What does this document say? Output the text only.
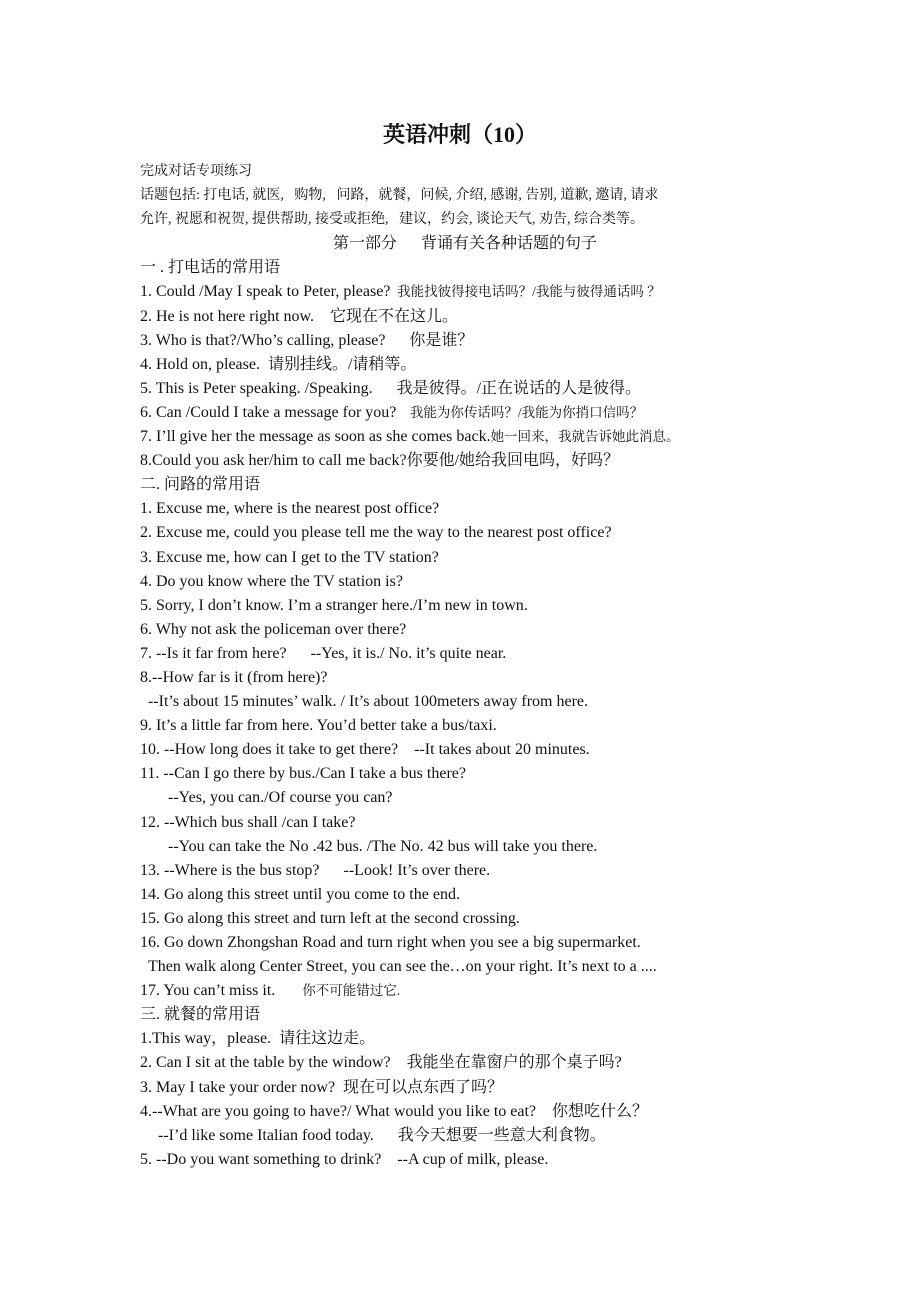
英语冲刺（10）
完成对话专项练习
话题包括: 打电话, 就医,   购物,   问路，就餐，问候, 介绍, 感谢, 告别, 道歉, 邀请, 请求
允许, 祝愿和祝贺, 提供帮助, 接受或拒绝,   建议，约会, 谈论天气, 劝告, 综合类等。
第一部分      背诵有关各种话题的句子
一 . 打电话的常用语
1. Could /May I speak to Peter, please?  我能找彼得接电话吗？/我能与彼得通话吗 ？
2. He is not here right now.    它现在不在这儿。
3. Who is that?/Who’s calling, please?      你是谁？
4. Hold on, please.  请别挂线。/请稍等。
5. This is Peter speaking. /Speaking.      我是彼得。/正在说话的人是彼得。
6. Can /Could I take a message for you?    我能为你传话吗？/我能为你捎口信吗？
7. I’ll give her the message as soon as she comes back.她一回来，我就告诉她此消息。
8.Could you ask her/him to call me back?你要他/她给我回电吗，好吗？
二. 问路的常用语
1. Excuse me, where is the nearest post office?
2. Excuse me, could you please tell me the way to the nearest post office?
3. Excuse me, how can I get to the TV station?
4. Do you know where the TV station is?
5. Sorry, I don’t know. I’m a stranger here./I’m new in town.
6. Why not ask the policeman over there?
7. --Is it far from here?      --Yes, it is./ No. it’s quite near.
8.--How far is it (from here)?
--It’s about 15 minutes’ walk. / It’s about 100meters away from here.
9. It’s a little far from here. You’d better take a bus/taxi.
10. --How long does it take to get there?    --It takes about 20 minutes.
11. --Can I go there by bus./Can I take a bus there?
--Yes, you can./Of course you can?
12. --Which bus shall /can I take?
--You can take the No .42 bus. /The No. 42 bus will take you there.
13. --Where is the bus stop?      --Look! It’s over there.
14. Go along this street until you come to the end.
15. Go along this street and turn left at the second crossing.
16. Go down Zhongshan Road and turn right when you see a big supermarket.
Then walk along Center Street, you can see the…on your right. It’s next to a ....
17. You can’t miss it.        你不可能错过它.
三. 就餐的常用语
1.This way，please.  请往这边走。
2. Can I sit at the table by the window?    我能坐在靠窗户的那个桌子吗?
3. May I take your order now?  现在可以点东西了吗？
4.--What are you going to have?/ What would you like to eat?    你想吃什么？
--I’d like some Italian food today.      我今天想要一些意大利食物。
5. --Do you want something to drink?    --A cup of milk, please.
